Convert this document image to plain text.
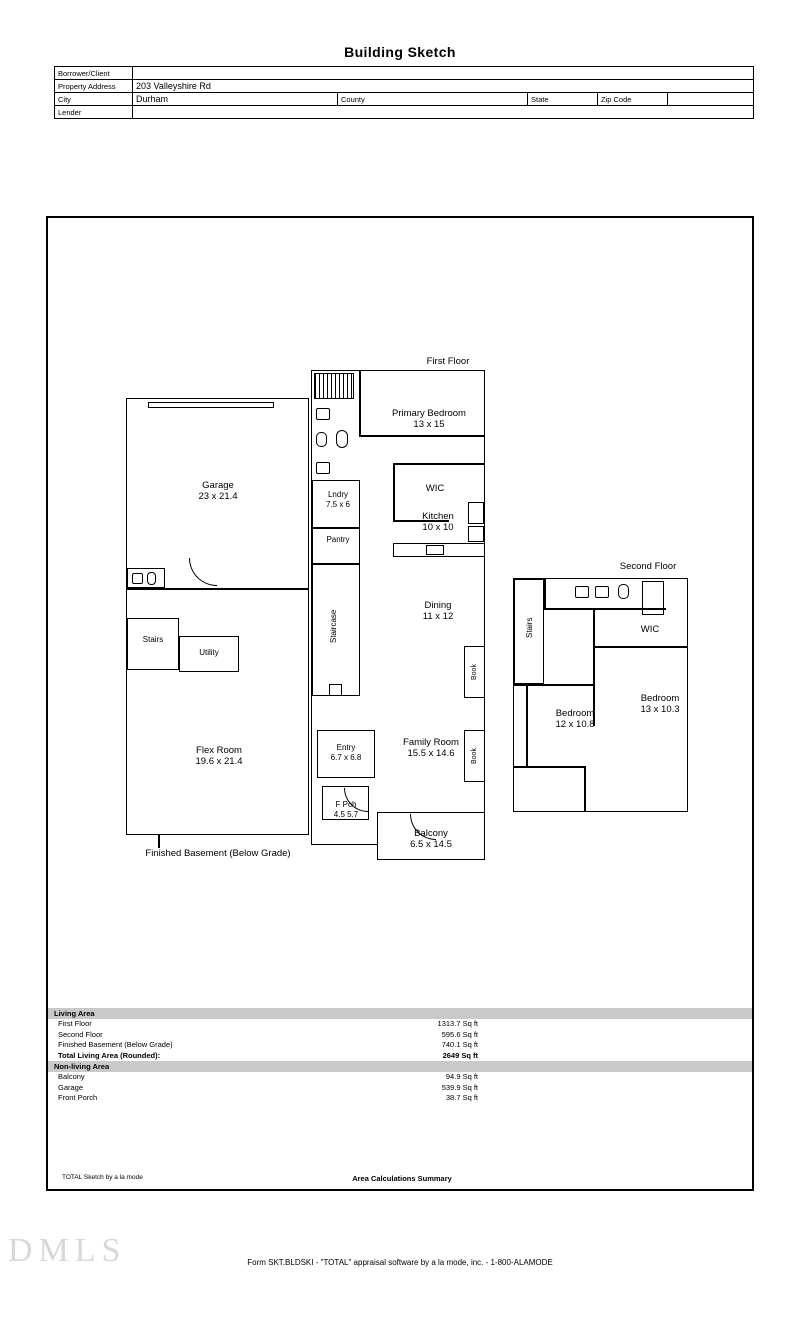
Building Sketch
Borrower/Client					
Property Address	203 Valleyshire Rd				
City	Durham	County	State	Zip Code	
Lender					
Garage
23 x 21.4
Flex Room
19.6 x 21.4
Stairs
Utility
Finished Basement (Below Grade)
First Floor
Primary Bedroom
13 x 15
WIC
Lndry
7.5 x 6
Pantry
Kitchen
10 x 10
Staircase
Dining
11 x 12
Entry
6.7 x 6.8
Family Room
15.5 x 14.6
F Pch
4.5 5.7
Balcony
6.5 x 14.5
Book
Book
Second Floor
Stairs
Bedroom
12 x 10.8
Bedroom
13 x 10.3
WIC
TOTAL Sketch by a la mode	Area Calculations Summary
Living Area
First Floor	1313.7 Sq ft
Second Floor	595.6 Sq ft
Finished Basement (Below Grade)	740.1 Sq ft
Total Living Area (Rounded):	2649 Sq ft
Non-living Area
Balcony	94.9 Sq ft
Garage	539.9 Sq ft
Front Porch	38.7 Sq ft
DMLS	Form SKT.BLDSKI - "TOTAL" appraisal software by a la mode, inc. - 1-800-ALAMODE
